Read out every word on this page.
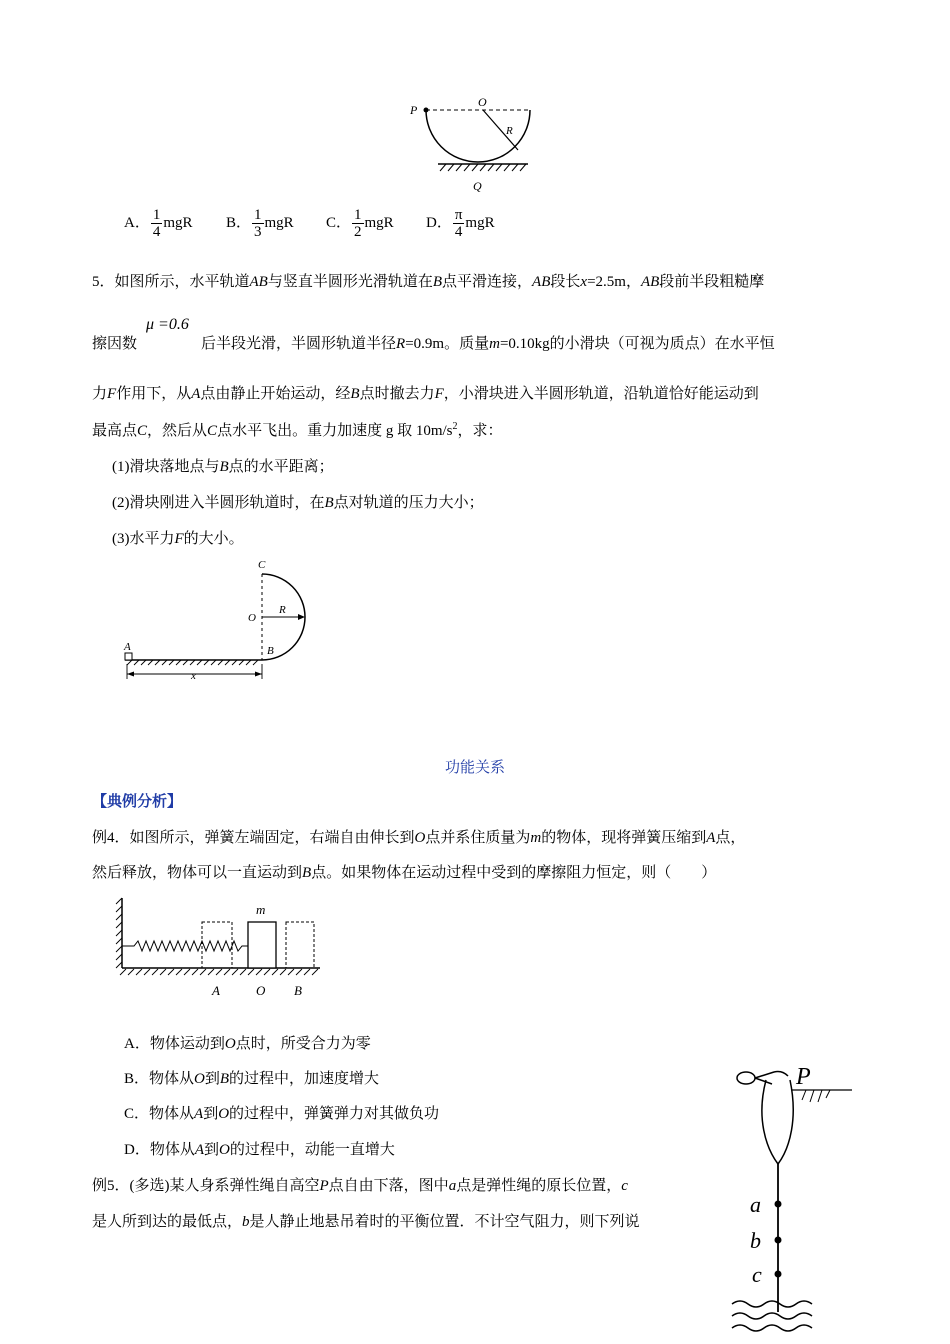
P
O
R
Q
A． $\frac{1}{4}$ mgR B． $\frac{1}{3}$ mgR C． $\frac{1}{2}$ mgR D． $\frac{\pi}{4}$ mgR
5．如图所示，水平轨道AB与竖直半圆形光滑轨道在B点平滑连接，AB段长x=2.5m，AB段前半段粗糙摩
μ =0.6
擦因数	后半段光滑，半圆形轨道半径R=0.9m。质量m=0.10kg的小滑块（可视为质点）在水平恒
力F作用下，从A点由静止开始运动，经B点时撤去力F，小滑块进入半圆形轨道，沿轨道恰好能运动到
最高点C，然后从C点水平飞出。重力加速度 g 取 $10m/s^2$，求：
(1)滑块落地点与B点的水平距离；
(2)滑块刚进入半圆形轨道时，在B点对轨道的压力大小；
(3)水平力F的大小。
C
O
R
B
A
x
功能关系
【典例分析】
例4．如图所示，弹簧左端固定，右端自由伸长到O点并系住质量为m的物体，现将弹簧压缩到A点，
然后释放，物体可以一直运动到B点。如果物体在运动过程中受到的摩擦阻力恒定，则（　　）
m
A	O B
A．物体运动到O点时，所受合力为零
B．物体从O到B的过程中，加速度增大
C．物体从A到O的过程中，弹簧弹力对其做负功
D．物体从A到O的过程中，动能一直增大
例5．(多选)某人身系弹性绳自高空P点自由下落，图中a点是弹性绳的原长位置，c
是人所到达的最低点，b是人静止地悬吊着时的平衡位置．不计空气阻力，则下列说
P
a
b
c
